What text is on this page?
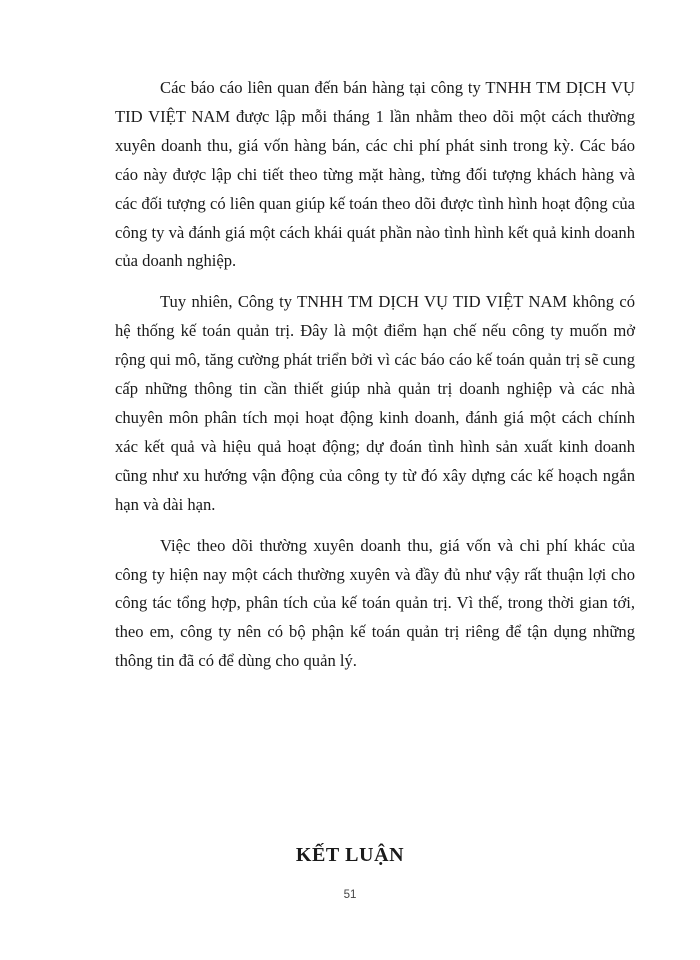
Các báo cáo liên quan đến bán hàng tại công ty TNHH TM DỊCH VỤ TID VIỆT NAM được lập mỗi tháng 1 lần nhằm theo dõi một cách thường xuyên doanh thu, giá vốn hàng bán, các chi phí phát sinh trong kỳ. Các báo cáo này được lập chi tiết theo từng mặt hàng, từng đối tượng khách hàng và các đối tượng có liên quan giúp kế toán theo dõi được tình hình hoạt động của công ty và đánh giá một cách khái quát phần nào tình hình kết quả kinh doanh của doanh nghiệp.

Tuy nhiên, Công ty TNHH TM DỊCH VỤ TID VIỆT NAM không có hệ thống kế toán quản trị. Đây là một điểm hạn chế nếu công ty muốn mở rộng qui mô, tăng cường phát triển bởi vì các báo cáo kế toán quản trị sẽ cung cấp những thông tin cần thiết giúp nhà quản trị doanh nghiệp và các nhà chuyên môn phân tích mọi hoạt động kinh doanh, đánh giá một cách chính xác kết quả và hiệu quả hoạt động; dự đoán tình hình sản xuất kinh doanh cũng như xu hướng vận động của công ty từ đó xây dựng các kế hoạch ngắn hạn và dài hạn.

Việc theo dõi thường xuyên doanh thu, giá vốn và chi phí khác của công ty hiện nay một cách thường xuyên và đầy đủ như vậy rất thuận lợi cho công tác tổng hợp, phân tích của kế toán quản trị. Vì thế, trong thời gian tới, theo em, công ty nên có bộ phận kế toán quản trị riêng để tận dụng những thông tin đã có để dùng cho quản lý.

KẾT LUẬN

51
